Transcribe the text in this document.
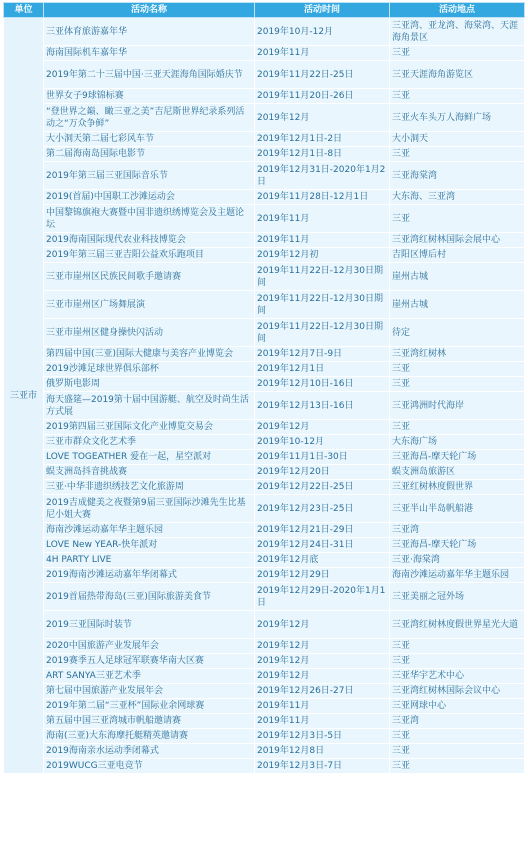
单位	活动名称	活动时间	活动地点
三亚市	三亚体育旅游嘉年华	2019年10月-12月	三亚湾、亚龙湾、海棠湾、天涯海角景区
	海南国际机车嘉年华	2019年11月	三亚
	2019年第二十三届中国·三亚天涯海角国际婚庆节	2019年11月22日-25日	三亚天涯海角游览区
	世界女子9球锦标赛	2019年11月20日-26日	三亚
	“登世界之巅、瞰三亚之美”吉尼斯世界纪录系列活动之“万众争鲜”	2019年12月	三亚火车头万人海鲜广场
	大小洞天第二届七彩风车节	2019年12月1日-2日	大小洞天
	第二届海南岛国际电影节	2019年12月1日-8日	三亚
	2019年第三届三亚国际音乐节	2019年12月31日-2020年1月2日	三亚海棠湾
	2019(首届)中国职工沙滩运动会	2019年11月28日-12月1日	大东海、三亚湾
	中国黎锦旗袍大赛暨中国非遗织绣博览会及主题论坛	2019年11月	三亚
	2019海南国际现代农业科技博览会	2019年11月	三亚湾红树林国际会展中心
	2019年第三届三亚吉阳公益欢乐跑项目	2019年12月初	吉阳区博后村
	三亚市崖州区民族民间歌手邀请赛	2019年11月22日-12月30日期间	崖州古城
	三亚市崖州区广场舞展演	2019年11月22日-12月30日期间	崖州古城
	三亚市崖州区健身操快闪活动	2019年11月22日-12月30日期间	待定
	第四届中国(三亚)国际大健康与美容产业博览会	2019年12月7日-9日	三亚湾红树林
	2019沙滩足球世界俱乐部杯	2019年12月1日	三亚
	俄罗斯电影周	2019年12月10日-16日	三亚
	海天盛筵—2019第十届中国游艇、航空及时尚生活方式展	2019年12月13日-16日	三亚鸿洲时代海岸
	2019第四届三亚国际文化产业博览交易会	2019年12月	三亚
	三亚市群众文化艺术季	2019年10-12月	大东海广场
	LOVE TOGEATHER 爱在一起，星空派对	2019年11月1日-30日	三亚海昌-摩天轮广场
	蜈支洲岛抖音挑战赛	2019年12月20日	蜈支洲岛旅游区
	三亚·中华非遗织绣技艺文化旅游周	2019年12月22日-25日	三亚红树林度假世界
	2019吉成健美之夜暨第9届三亚国际沙滩先生比基尼小姐大赛	2019年12月23日-25日	三亚半山半岛帆船港
	海南沙滩运动嘉年华主题乐园	2019年12月21日-29日	三亚湾
	LOVE New YEAR-快年派对	2019年12月24日-31日	三亚海昌-摩天轮广场
	4H PARTY LIVE	2019年12月底	三亚·海棠湾
	2019海南沙滩运动嘉年华闭幕式	2019年12月29日	海南沙滩运动嘉年华主题乐园
	2019首届热带海岛(三亚)国际旅游美食节	2019年12月29日-2020年1月1日	三亚美丽之冠外场
	2019三亚国际时装节	2019年12月	三亚湾红树林度假世界星光大道
	2020中国旅游产业发展年会	2019年12月	三亚
	2019赛季五人足球冠军联赛华南大区赛	2019年12月	三亚
	ART SANYA三亚艺术季	2019年12月	三亚华宇艺术中心
	第七届中国旅游产业发展年会	2019年12月26日-27日	三亚湾红树林国际会议中心
	2019年第二届“三亚杯”国际业余网球赛	2019年11月	三亚网球中心
	第五届中国三亚湾城市帆船邀请赛	2019年11月	三亚湾
	海南(三亚)大东海摩托艇精英邀请赛	2019年12月3日-5日	三亚
	2019海南亲水运动季闭幕式	2019年12月8日	三亚
	2019WUCG三亚电竞节	2019年12月3日-7日	三亚
